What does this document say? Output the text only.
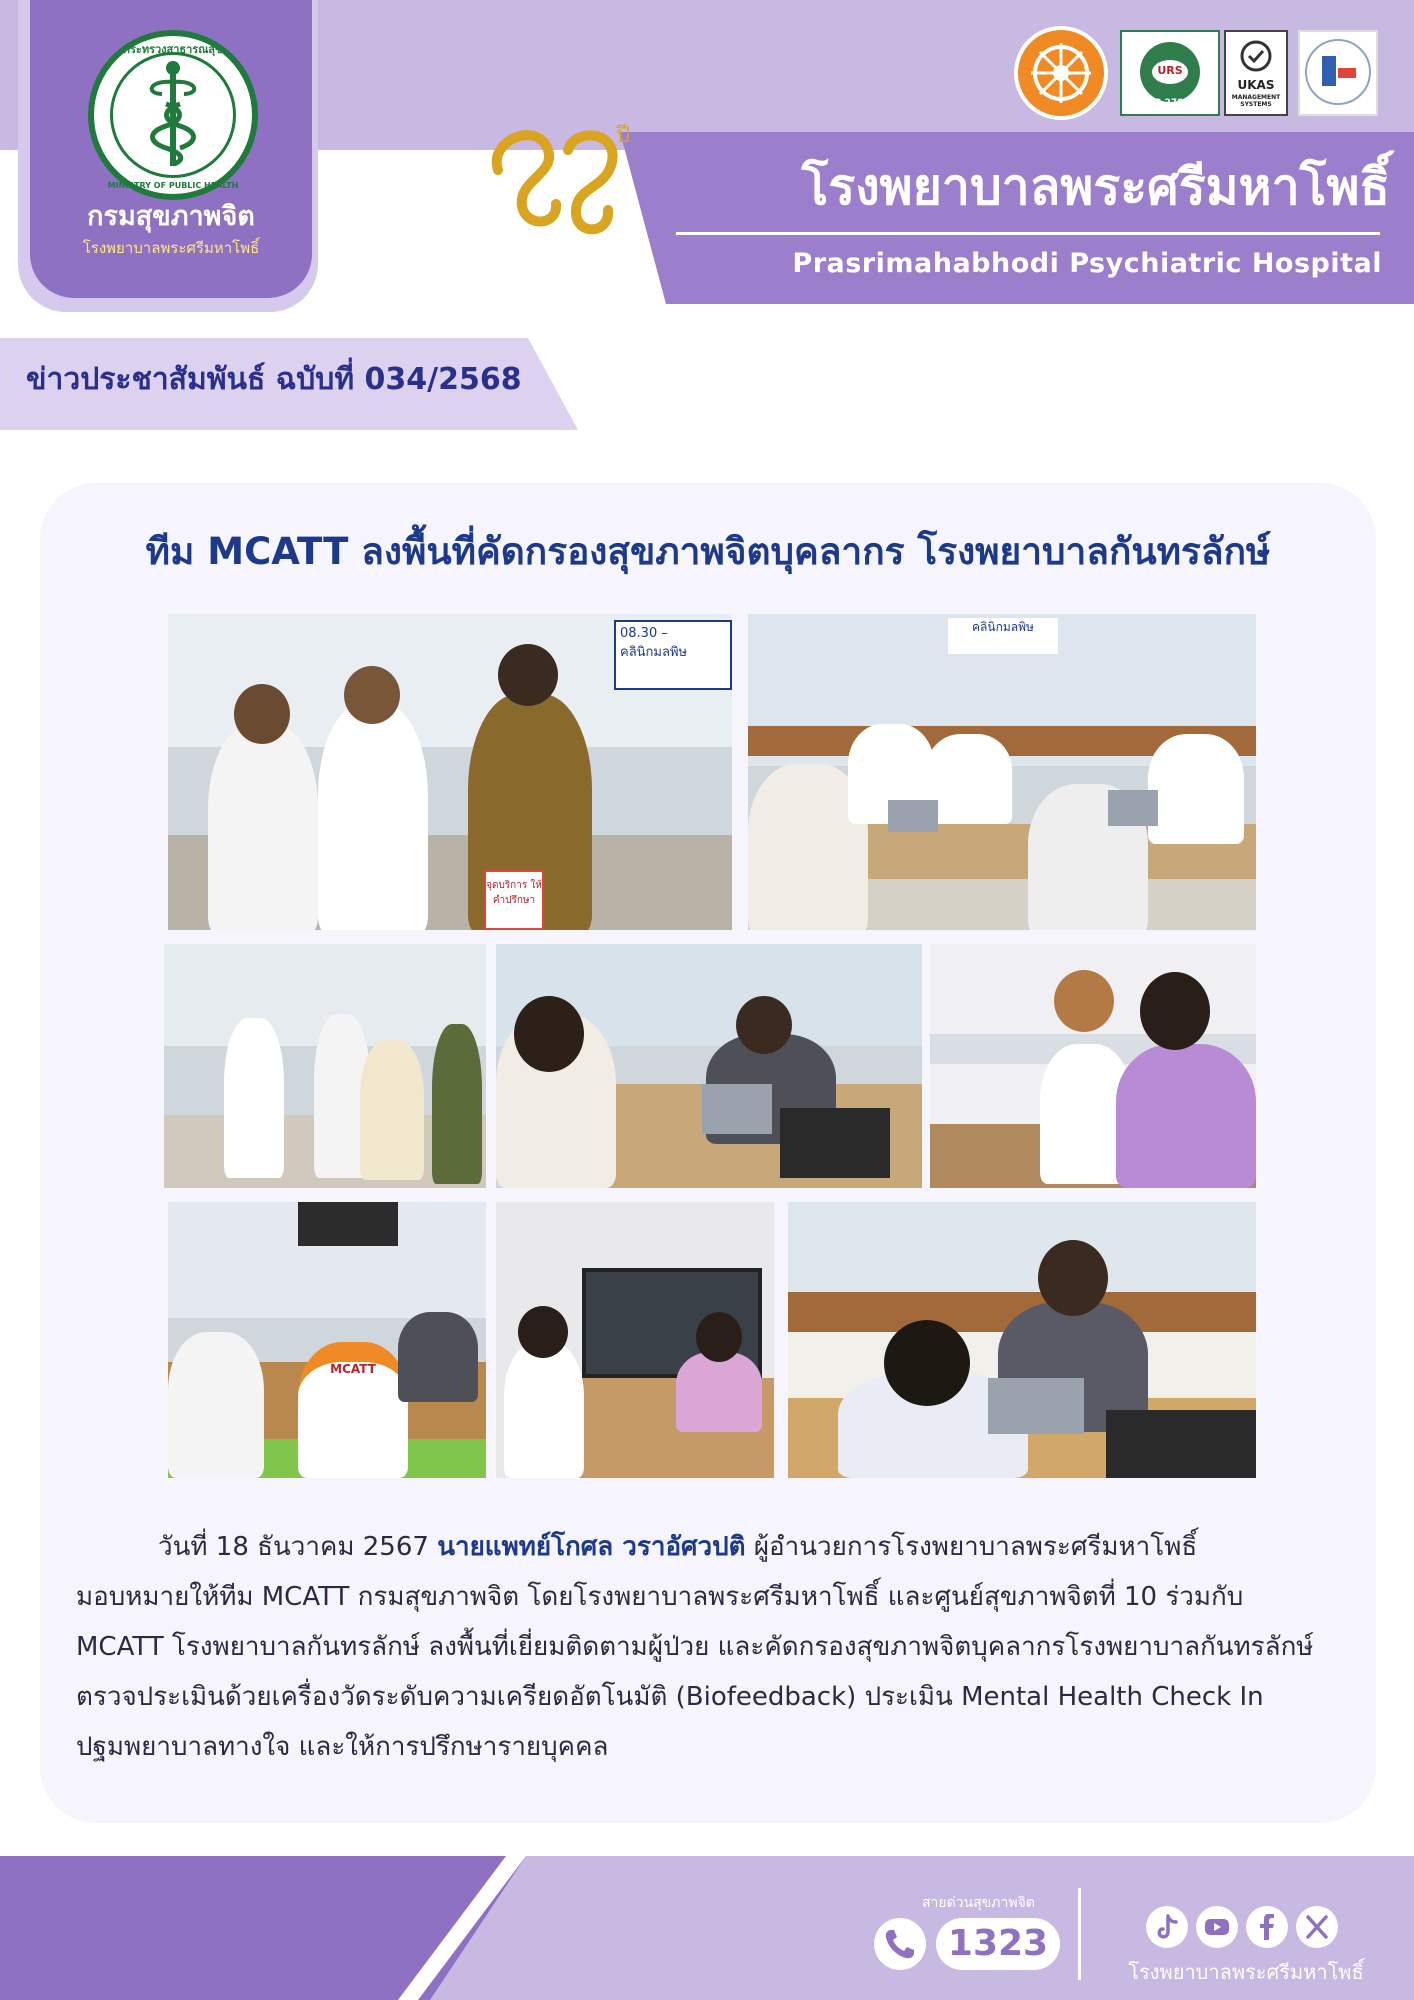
กระทรวงสาธารณสุข
MINISTRY OF PUBLIC HEALTH
กรมสุขภาพจิต
โรงพยาบาลพระศรีมหาโพธิ์
ปี
โรงพยาบาลพระศรีมหาโพธิ์
Prasrimahabhodi Psychiatric Hospital
URS
ISO 27001
UKAS
MANAGEMENT SYSTEMS
ข่าวประชาสัมพันธ์ ฉบับที่ 034/2568
ทีม MCATT ลงพื้นที่คัดกรองสุขภาพจิตบุคลากร โรงพยาบาลกันทรลักษ์
08.30 –
คลินิกมลพิษ
จุดบริการ ให้คำปรึกษา
คลินิกมลพิษ
MCATT

วันที่ 18 ธันวาคม 2567 นายแพทย์โกศล วราอัศวปติ ผู้อำนวยการโรงพยาบาลพระศรีมหาโพธิ์

มอบหมายให้ทีม MCATT กรมสุขภาพจิต โดยโรงพยาบาลพระศรีมหาโพธิ์ และศูนย์สุขภาพจิตที่ 10 ร่วมกับ

MCATT โรงพยาบาลกันทรลักษ์ ลงพื้นที่เยี่ยมติดตามผู้ป่วย และคัดกรองสุขภาพจิตบุคลากรโรงพยาบาลกันทรลักษ์

ตรวจประเมินด้วยเครื่องวัดระดับความเครียดอัตโนมัติ (Biofeedback) ประเมิน Mental Health Check In

ปฐมพยาบาลทางใจ และให้การปรึกษารายบุคคล

สายด่วนสุขภาพจิต
1323
โรงพยาบาลพระศรีมหาโพธิ์
